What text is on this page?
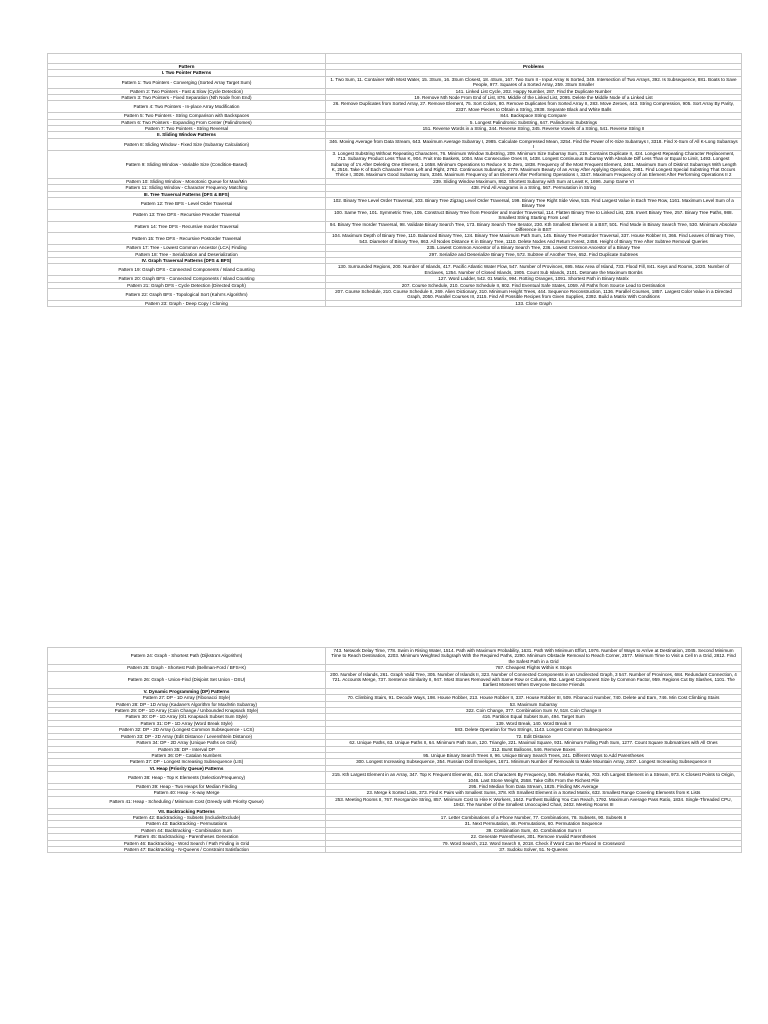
Pattern	Problems
I. Two Pointer Patterns	
Pattern 1: Two Pointers - Converging (Sorted Array Target Sum)	1. Two Sum, 11. Container With Most Water, 15. 3Sum, 16. 3Sum Closest, 18. 4Sum, 167. Two Sum II - Input Array Is Sorted, 349. Intersection of Two Arrays, 392. Is Subsequence, 881. Boats to Save People, 977. Squares of a Sorted Array, 259. 3Sum Smaller
Pattern 2: Two Pointers - Fast & Slow (Cycle Detection)	141. Linked List Cycle, 202. Happy Number, 287. Find the Duplicate Number
Pattern 3: Two Pointers - Fixed Separation (Nth Node from End)	19. Remove Nth Node From End of List, 876. Middle of the Linked List, 2095. Delete the Middle Node of a Linked List
Pattern 4: Two Pointers - In-place Array Modification	26. Remove Duplicates from Sorted Array, 27. Remove Element, 75. Sort Colors, 80. Remove Duplicates from Sorted Array II, 283. Move Zeroes, 443. String Compression, 905. Sort Array By Parity, 2337. Move Pieces to Obtain a String, 2938. Separate Black and White Balls
Pattern 5: Two Pointers - String Comparison with Backspaces	844. Backspace String Compare
Pattern 6: Two Pointers - Expanding From Center (Palindromes)	5. Longest Palindromic Substring, 647. Palindromic Substrings
Pattern 7: Two Pointers - String Reversal	151. Reverse Words in a String, 344. Reverse String, 345. Reverse Vowels of a String, 541. Reverse String II
II. Sliding Window Patterns	
Pattern 8: Sliding Window - Fixed Size (Subarray Calculation)	346. Moving Average from Data Stream, 643. Maximum Average Subarray I, 2985. Calculate Compressed Mean, 3254. Find the Power of K-Size Subarrays I, 3318. Find X-Sum of All K-Long Subarrays I
Pattern 9: Sliding Window - Variable Size (Condition-Based)	3. Longest Substring Without Repeating Characters, 76. Minimum Window Substring, 209. Minimum Size Subarray Sum, 219. Contains Duplicate II, 424. Longest Repeating Character Replacement, 713. Subarray Product Less Than K, 904. Fruit Into Baskets, 1004. Max Consecutive Ones III, 1438. Longest Continuous Subarray With Absolute Diff Less Than or Equal to Limit, 1493. Longest Subarray of 1's After Deleting One Element, 1 1658. Minimum Operations to Reduce X to Zero, 1838. Frequency of the Most Frequent Element, 2461. Maximum Sum of Distinct Subarrays With Length K, 2516. Take K of Each Character From Left and Right, 2762. Continuous Subarrays, 2779. Maximum Beauty of an Array After Applying Operation, 2981. Find Longest Special Substring That Occurs Thrice I, 3026. Maximum Good Subarray Sum, 3346. Maximum Frequency of an Element After Performing Operations I, 3347. Maximum Frequency of an Element After Performing Operations II 2
Pattern 10: Sliding Window - Monotonic Queue for Max/Min	239. Sliding Window Maximum, 862. Shortest Subarray with Sum at Least K, 1696. Jump Game VI
Pattern 11: Sliding Window - Character Frequency Matching	438. Find All Anagrams in a String, 567. Permutation in String
III. Tree Traversal Patterns (DFS & BFS)	
Pattern 12: Tree BFS - Level Order Traversal	102. Binary Tree Level Order Traversal, 103. Binary Tree Zigzag Level Order Traversal, 199. Binary Tree Right Side View, 515. Find Largest Value in Each Tree Row, 1161. Maximum Level Sum of a Binary Tree
Pattern 13: Tree DFS - Recursive Preorder Traversal	100. Same Tree, 101. Symmetric Tree, 105. Construct Binary Tree from Preorder and Inorder Traversal, 114. Flatten Binary Tree to Linked List, 226. Invert Binary Tree, 257. Binary Tree Paths, 988. Smallest String Starting From Leaf
Pattern 14: Tree DFS - Recursive Inorder Traversal	94. Binary Tree Inorder Traversal, 98. Validate Binary Search Tree, 173. Binary Search Tree Iterator, 230. Kth Smallest Element in a BST, 501. Find Mode in Binary Search Tree, 530. Minimum Absolute Difference in BST
Pattern 15: Tree DFS - Recursive Postorder Traversal	104. Maximum Depth of Binary Tree, 110. Balanced Binary Tree, 124. Binary Tree Maximum Path Sum, 145. Binary Tree Postorder Traversal, 337. House Robber III, 366. Find Leaves of Binary Tree, 543. Diameter of Binary Tree, 863. All Nodes Distance K in Binary Tree, 1110. Delete Nodes And Return Forest, 2458. Height of Binary Tree After Subtree Removal Queries
Pattern 17: Tree - Lowest Common Ancestor (LCA) Finding	235. Lowest Common Ancestor of a Binary Search Tree, 236. Lowest Common Ancestor of a Binary Tree
Pattern 18: Tree - Serialization and Deserialization	297. Serialize and Deserialize Binary Tree, 572. Subtree of Another Tree, 652. Find Duplicate Subtrees
IV. Graph Traversal Patterns (DFS & BFS)	
Pattern 19: Graph DFS - Connected Components / Island Counting	130. Surrounded Regions, 200. Number of Islands, 417. Pacific Atlantic Water Flow, 547. Number of Provinces, 695. Max Area of Island, 733. Flood Fill, 841. Keys and Rooms, 1020. Number of Enclaves, 1254. Number of Closed Islands, 1905. Count Sub Islands, 2101. Detonate the Maximum Bombs
Pattern 20: Graph BFS - Connected Components / Island Counting	127. Word Ladder, 542. 01 Matrix, 994. Rotting Oranges, 1091. Shortest Path in Binary Matrix
Pattern 21: Graph DFS - Cycle Detection (Directed Graph)	207. Course Schedule, 210. Course Schedule II, 802. Find Eventual Safe States, 1059. All Paths from Source Lead to Destination
Pattern 22: Graph BFS - Topological Sort (Kahn's Algorithm)	207. Course Schedule, 210. Course Schedule II, 269. Alien Dictionary, 310. Minimum Height Trees, 444. Sequence Reconstruction, 1136. Parallel Courses, 1857. Largest Color Value in a Directed Graph, 2050. Parallel Courses III, 2115. Find All Possible Recipes from Given Supplies, 2392. Build a Matrix With Conditions
Pattern 23: Graph - Deep Copy / Cloning	133. Clone Graph
Pattern 24: Graph - Shortest Path (Dijkstra's Algorithm)	743. Network Delay Time, 778. Swim in Rising Water, 1514. Path with Maximum Probability, 1631. Path With Minimum Effort, 1976. Number of Ways to Arrive at Destination, 2045. Second Minimum Time to Reach Destination, 2203. Minimum Weighted Subgraph With the Required Paths, 2290. Minimum Obstacle Removal to Reach Corner, 2577. Minimum Time to Visit a Cell In a Grid, 2812. Find the Safest Path in a Grid
Pattern 25: Graph - Shortest Path (Bellman-Ford / BFS+K)	787. Cheapest Flights Within K Stops
Pattern 26: Graph - Union-Find (Disjoint Set Union - DSU)	200. Number of Islands, 261. Graph Valid Tree, 305. Number of Islands II, 323. Number of Connected Components in an Undirected Graph, 3 547. Number of Provinces, 684. Redundant Connection, 4 721. Accounts Merge, 737. Sentence Similarity II, 947. Most Stones Removed with Same Row or Column, 952. Largest Component Size by Common Factor, 959. Regions Cut By Slashes, 1101. The Earliest Moment When Everyone Become Friends
V. Dynamic Programming (DP) Patterns	
Pattern 27: DP - 1D Array (Fibonacci Style)	70. Climbing Stairs, 91. Decode Ways, 198. House Robber, 213. House Robber II, 337. House Robber III, 509. Fibonacci Number, 740. Delete and Earn, 746. Min Cost Climbing Stairs
Pattern 28: DP - 1D Array (Kadane's Algorithm for Max/Min Subarray)	53. Maximum Subarray
Pattern 29: DP - 1D Array (Coin Change / Unbounded Knapsack Style)	322. Coin Change, 377. Combination Sum IV, 518. Coin Change II
Pattern 30: DP - 1D Array (0/1 Knapsack Subset Sum Style)	416. Partition Equal Subset Sum, 494. Target Sum
Pattern 31: DP - 1D Array (Word Break Style)	139. Word Break, 140. Word Break II
Pattern 32: DP - 2D Array (Longest Common Subsequence - LCS)	583. Delete Operation for Two Strings, 1143. Longest Common Subsequence
Pattern 33: DP - 2D Array (Edit Distance / Levenshtein Distance)	72. Edit Distance
Pattern 34: DP - 2D Array (Unique Paths on Grid)	62. Unique Paths, 63. Unique Paths II, 64. Minimum Path Sum, 120. Triangle, 221. Maximal Square, 931. Minimum Falling Path Sum, 1277. Count Square Submatrices with All Ones
Pattern 35: DP - Interval DP	312. Burst Balloons, 546. Remove Boxes
Pattern 36: DP - Catalan Numbers	95. Unique Binary Search Trees II, 96. Unique Binary Search Trees, 241. Different Ways to Add Parentheses
Pattern 37: DP - Longest Increasing Subsequence (LIS)	300. Longest Increasing Subsequence, 354. Russian Doll Envelopes, 1671. Minimum Number of Removals to Make Mountain Array, 2407. Longest Increasing Subsequence II
VI. Heap (Priority Queue) Patterns	
Pattern 38: Heap - Top K Elements (Selection/Frequency)	215. Kth Largest Element in an Array, 347. Top K Frequent Elements, 451. Sort Characters By Frequency, 506. Relative Ranks, 703. Kth Largest Element in a Stream, 973. K Closest Points to Origin, 1046. Last Stone Weight, 2558. Take Gifts From the Richest Pile
Pattern 39: Heap - Two Heaps for Median Finding	295. Find Median from Data Stream, 1825. Finding MK Average
Pattern 40: Heap - K-way Merge	23. Merge k Sorted Lists, 373. Find K Pairs with Smallest Sums, 378. Kth Smallest Element in a Sorted Matrix, 632. Smallest Range Covering Elements from K Lists
Pattern 41: Heap - Scheduling / Minimum Cost (Greedy with Priority Queue)	253. Meeting Rooms II, 767. Reorganize String, 857. Minimum Cost to Hire K Workers, 1642. Furthest Building You Can Reach, 1792. Maximum Average Pass Ratio, 1834. Single-Threaded CPU, 1942. The Number of the Smallest Unoccupied Chair, 2402. Meeting Rooms III
VII. Backtracking Patterns	
Pattern 42: Backtracking - Subsets (Include/Exclude)	17. Letter Combinations of a Phone Number, 77. Combinations, 78. Subsets, 90. Subsets II
Pattern 43: Backtracking - Permutations	31. Next Permutation, 46. Permutations, 60. Permutation Sequence
Pattern 44: Backtracking - Combination Sum	39. Combination Sum, 40. Combination Sum II
Pattern 45: Backtracking - Parentheses Generation	22. Generate Parentheses, 301. Remove Invalid Parentheses
Pattern 46: Backtracking - Word Search / Path Finding in Grid	79. Word Search, 212. Word Search II, 2018. Check if Word Can Be Placed In Crossword
Pattern 47: Backtracking - N-Queens / Constraint Satisfaction	37. Sudoku Solver, 51. N-Queens
